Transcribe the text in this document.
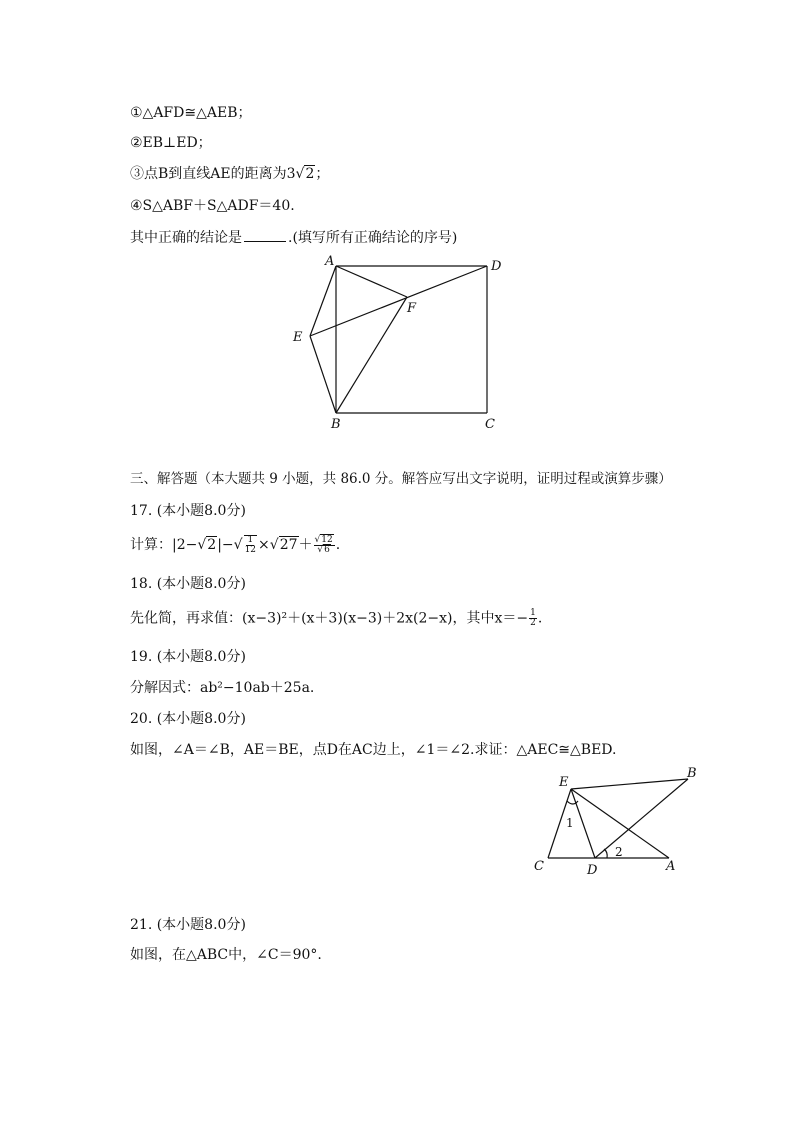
①△AFD≅△AEB；
②EB⊥ED；
③点B到直线AE的距离为3√2；
④S△ABF＋S△ADF＝40.
其中正确的结论是	.(填写所有正确结论的序号)
A	D
F
E
B	C
三、解答题（本大题共 9 小题，共 86.0 分。解答应写出文字说明，证明过程或演算步骤）
17. (本小题8.0分)
计算：$|2-√2|-√ \frac{1}{12} \times√27+ \frac{√12}{√6}$ .
18. (本小题8.0分)
先化简，再求值：(x−3)²＋(x＋3)(x−3)＋2x(2−x)，其中$x=- \frac{1}{2}$ .
19. (本小题8.0分)
分解因式：ab²−10ab＋25a.
20. (本小题8.0分)
如图，∠A＝∠B，AE＝BE，点D在AC边上，∠1＝∠2.求证：△AEC≅△BED.
E
B
C	D	A
1
2
21. (本小题8.0分)
如图，在△ABC中，∠C＝90°.
